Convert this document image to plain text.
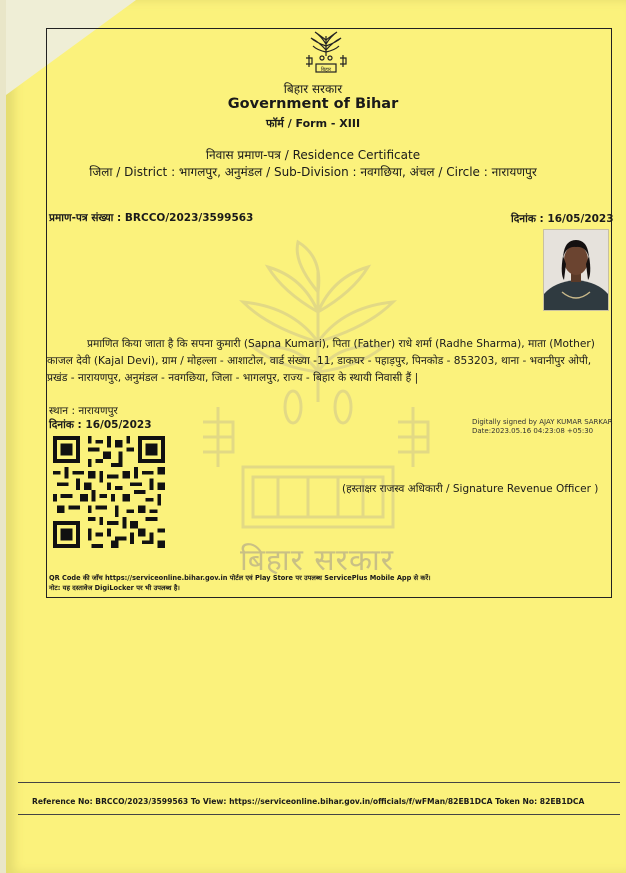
बिहार सरकार
बिहार
बिहार सरकार
Government of Bihar
फॉर्म / Form - XIII
निवास प्रमाण-पत्र / Residence Certificate
जिला / District : भागलपुर, अनुमंडल / Sub-Division : नवगछिया, अंचल / Circle : नारायणपुर
प्रमाण-पत्र संख्या : BRCCO/2023/3599563	दिनांक : 16/05/2023
प्रमाणित किया जाता है कि सपना कुमारी (Sapna Kumari), पिता (Father) राधे शर्मा (Radhe Sharma), माता (Mother) काजल देवी (Kajal Devi), ग्राम / मोहल्ला - आशाटोल, वार्ड संख्या -11, डाकघर - पहाड़पुर, पिनकोड - 853203, थाना - भवानीपुर ओपी, प्रखंड - नारायणपुर, अनुमंडल - नवगछिया, जिला - भागलपुर, राज्य - बिहार के स्थायी निवासी हैं |
स्थान : नारायणपुर
दिनांक : 16/05/2023	Digitally signed by AJAY KUMAR SARKAR
Date:2023.05.16 04:23:08 +05:30
(हस्ताक्षर राजस्व अधिकारी / Signature Revenue Officer )
QR Code की जाँच https://serviceonline.bihar.gov.in पोर्टल एवं Play Store पर उपलब्ध ServicePlus Mobile App से करें।
नोट: यह दस्तावेज DigiLocker पर भी उपलब्ध है।
Reference No: BRCCO/2023/3599563 To View: https://serviceonline.bihar.gov.in/officials/f/wFMan/82EB1DCA Token No: 82EB1DCA
